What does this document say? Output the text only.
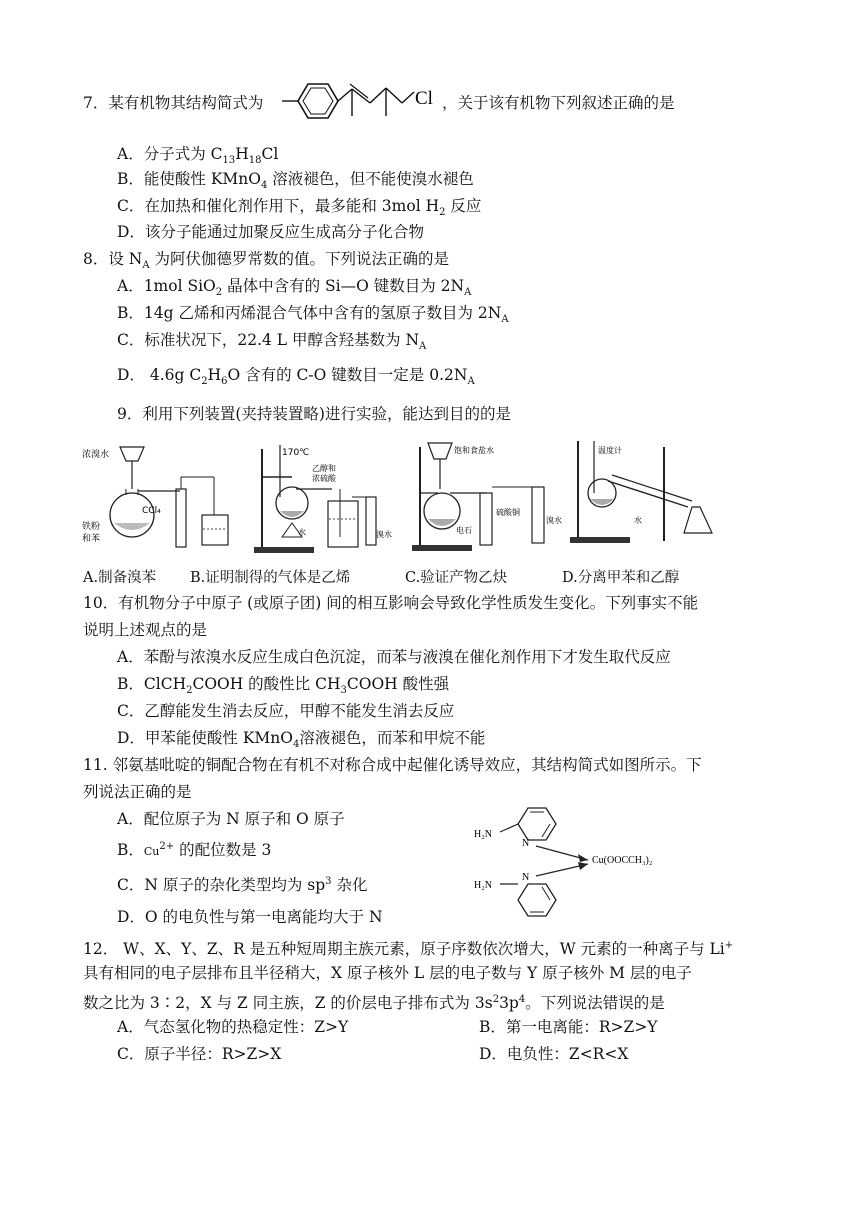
7．某有机物其结构简式为	Cl ，关于该有机物下列叙述正确的是
A．分子式为 $C_{13}H_{18}Cl$
B．能使酸性 KMnO$_4$ 溶液褪色，但不能使溴水褪色
C．在加热和催化剂作用下，最多能和 3mol $H_2$ 反应
D．该分子能通过加聚反应生成高分子化合物
8．设 $N_A$ 为阿伏伽德罗常数的值。下列说法正确的是
A．1mol SiO$_2$ 晶体中含有的 Si—O 键数目为 $2N_A$
B．14g 乙烯和丙烯混合气体中含有的氢原子数目为 $2N_A$
C．标准状况下，22.4 L 甲醇含羟基数为 $N_A$
D． 4.6g $C_2H_6O$ 含有的 C-O 键数目一定是 $0.2N_A$
9．利用下列装置(夹持装置略)进行实验，能达到目的的是
浓溴水
CCl₄
铁粉
和苯
170℃
乙醇和
浓硫酸
水	溴水
饱和食盐水
电石
硫酸铜
溴水
温度计
水
A.制备溴苯 B.证明制得的气体是乙烯	C.验证产物乙炔	D.分离甲苯和乙醇
10．有机物分子中原子 (或原子团) 间的相互影响会导致化学性质发生变化。下列事实不能
说明上述观点的是
A．苯酚与浓溴水反应生成白色沉淀，而苯与液溴在催化剂作用下才发生取代反应
B．ClCH$_2$COOH 的酸性比 $CH_3COOH$ 酸性强
C．乙醇能发生消去反应，甲醇不能发生消去反应
D．甲苯能使酸性 KMnO$_4$溶液褪色，而苯和甲烷不能
11. 邻氨基吡啶的铜配合物在有机不对称合成中起催化诱导效应，其结构简式如图所示。下
列说法正确的是
A．配位原子为 N 原子和 O 原子
B．$Cu^{2+}$ 的配位数是 3
C．N 原子的杂化类型均为 $sp^3$ 杂化
D．O 的电负性与第一电离能均大于 N
H₂N
N
Cu(OOCCH₃)₂
N
H₂N
12． W、X、Y、Z、R 是五种短周期主族元素，原子序数依次增大，W 元素的一种离子与 Li+
具有相同的电子层排布且半径稍大，X 原子核外 L 层的电子数与 Y 原子核外 M 层的电子
数之比为 3∶2，X 与 Z 同主族，Z 的价层电子排布式为 $3s^23p^4$。下列说法错误的是
A．气态氢化物的热稳定性：Z>Y	B．第一电离能：R>Z>Y
C．原子半径：R>Z>X	D．电负性：Z<R<X
